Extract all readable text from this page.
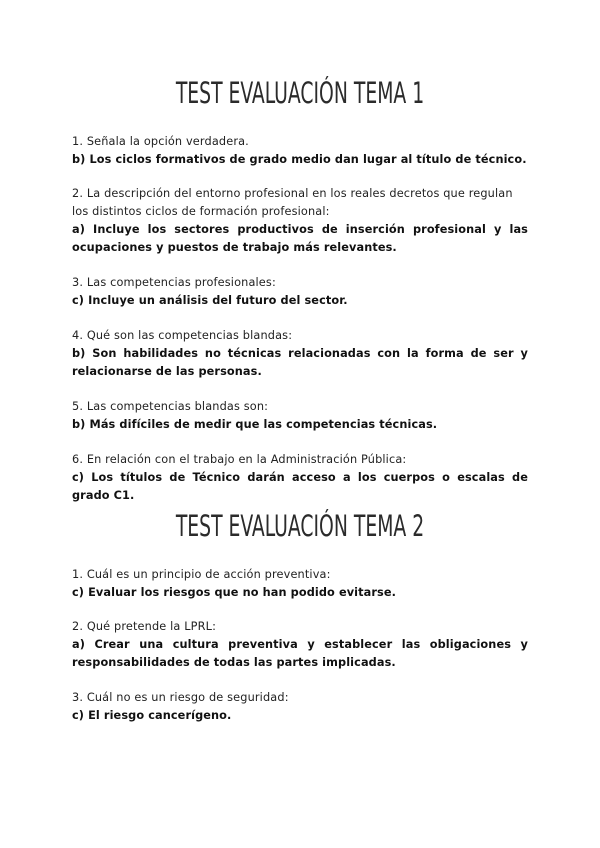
TEST EVALUACIÓN TEMA 1

1. Señala la opción verdadera.

b) Los ciclos formativos de grado medio dan lugar al título de técnico.

2. La descripción del entorno profesional en los reales decretos que regulan los distintos ciclos de formación profesional:

a) Incluye los sectores productivos de inserción profesional y las ocupaciones y puestos de trabajo más relevantes.

3. Las competencias profesionales:

c) Incluye un análisis del futuro del sector.

4. Qué son las competencias blandas:

b) Son habilidades no técnicas relacionadas con la forma de ser y relacionarse de las personas.

5. Las competencias blandas son:

b) Más difíciles de medir que las competencias técnicas.

6. En relación con el trabajo en la Administración Pública:

c) Los títulos de Técnico darán acceso a los cuerpos o escalas de grado C1.

TEST EVALUACIÓN TEMA 2

1. Cuál es un principio de acción preventiva:

c) Evaluar los riesgos que no han podido evitarse.

2. Qué pretende la LPRL:

a) Crear una cultura preventiva y establecer las obligaciones y responsabilidades de todas las partes implicadas.

3. Cuál no es un riesgo de seguridad:

c) El riesgo cancerígeno.
